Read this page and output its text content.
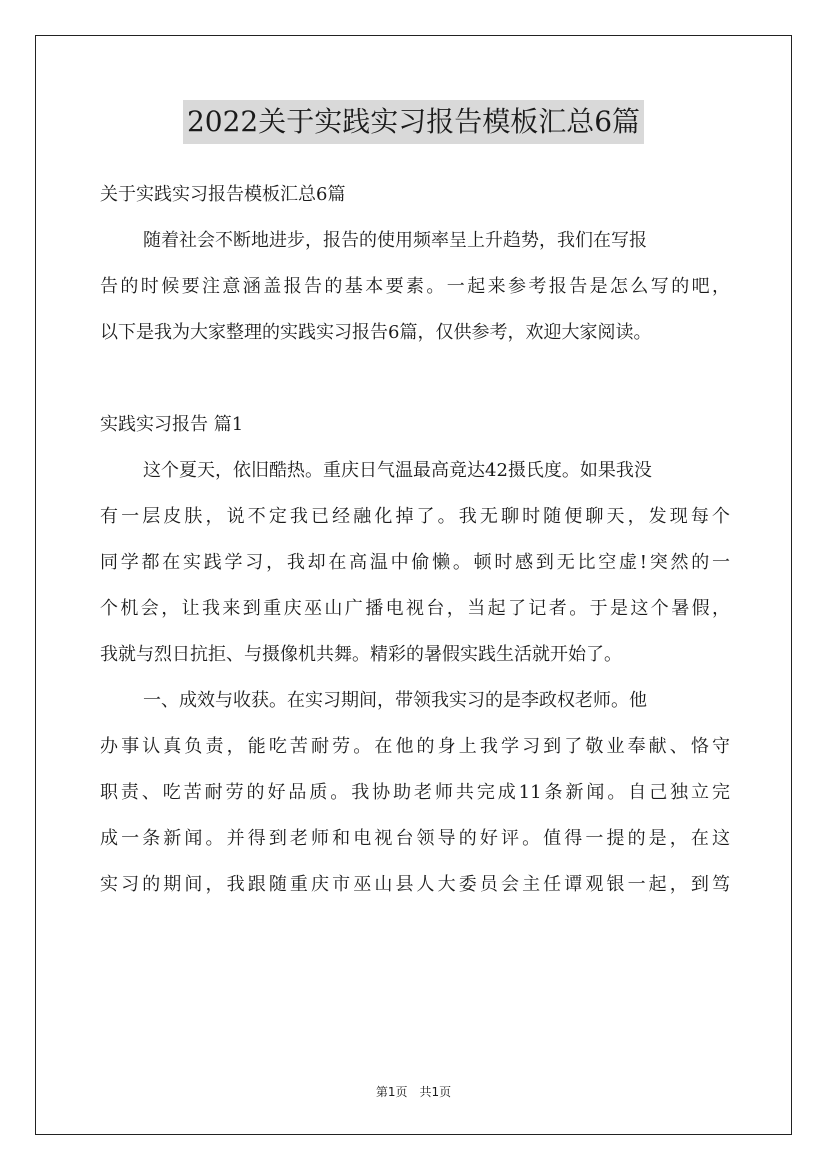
2022关于实践实习报告模板汇总6篇
关于实践实习报告模板汇总6篇
随着社会不断地进步，报告的使用频率呈上升趋势，我们在写报
告的时候要注意涵盖报告的基本要素。一起来参考报告是怎么写的吧，
以下是我为大家整理的实践实习报告6篇，仅供参考，欢迎大家阅读。
实践实习报告 篇1
这个夏天，依旧酷热。重庆日气温最高竟达42摄氏度。如果我没
有一层皮肤，说不定我已经融化掉了。我无聊时随便聊天，发现每个
同学都在实践学习，我却在高温中偷懒。顿时感到无比空虚!突然的一
个机会，让我来到重庆巫山广播电视台，当起了记者。于是这个暑假，
我就与烈日抗拒、与摄像机共舞。精彩的暑假实践生活就开始了。
一、成效与收获。在实习期间，带领我实习的是李政权老师。他
办事认真负责，能吃苦耐劳。在他的身上我学习到了敬业奉献、恪守
职责、吃苦耐劳的好品质。我协助老师共完成11条新闻。自己独立完
成一条新闻。并得到老师和电视台领导的好评。值得一提的是，在这
实习的期间，我跟随重庆市巫山县人大委员会主任谭观银一起，到笃
第1页 共1页
